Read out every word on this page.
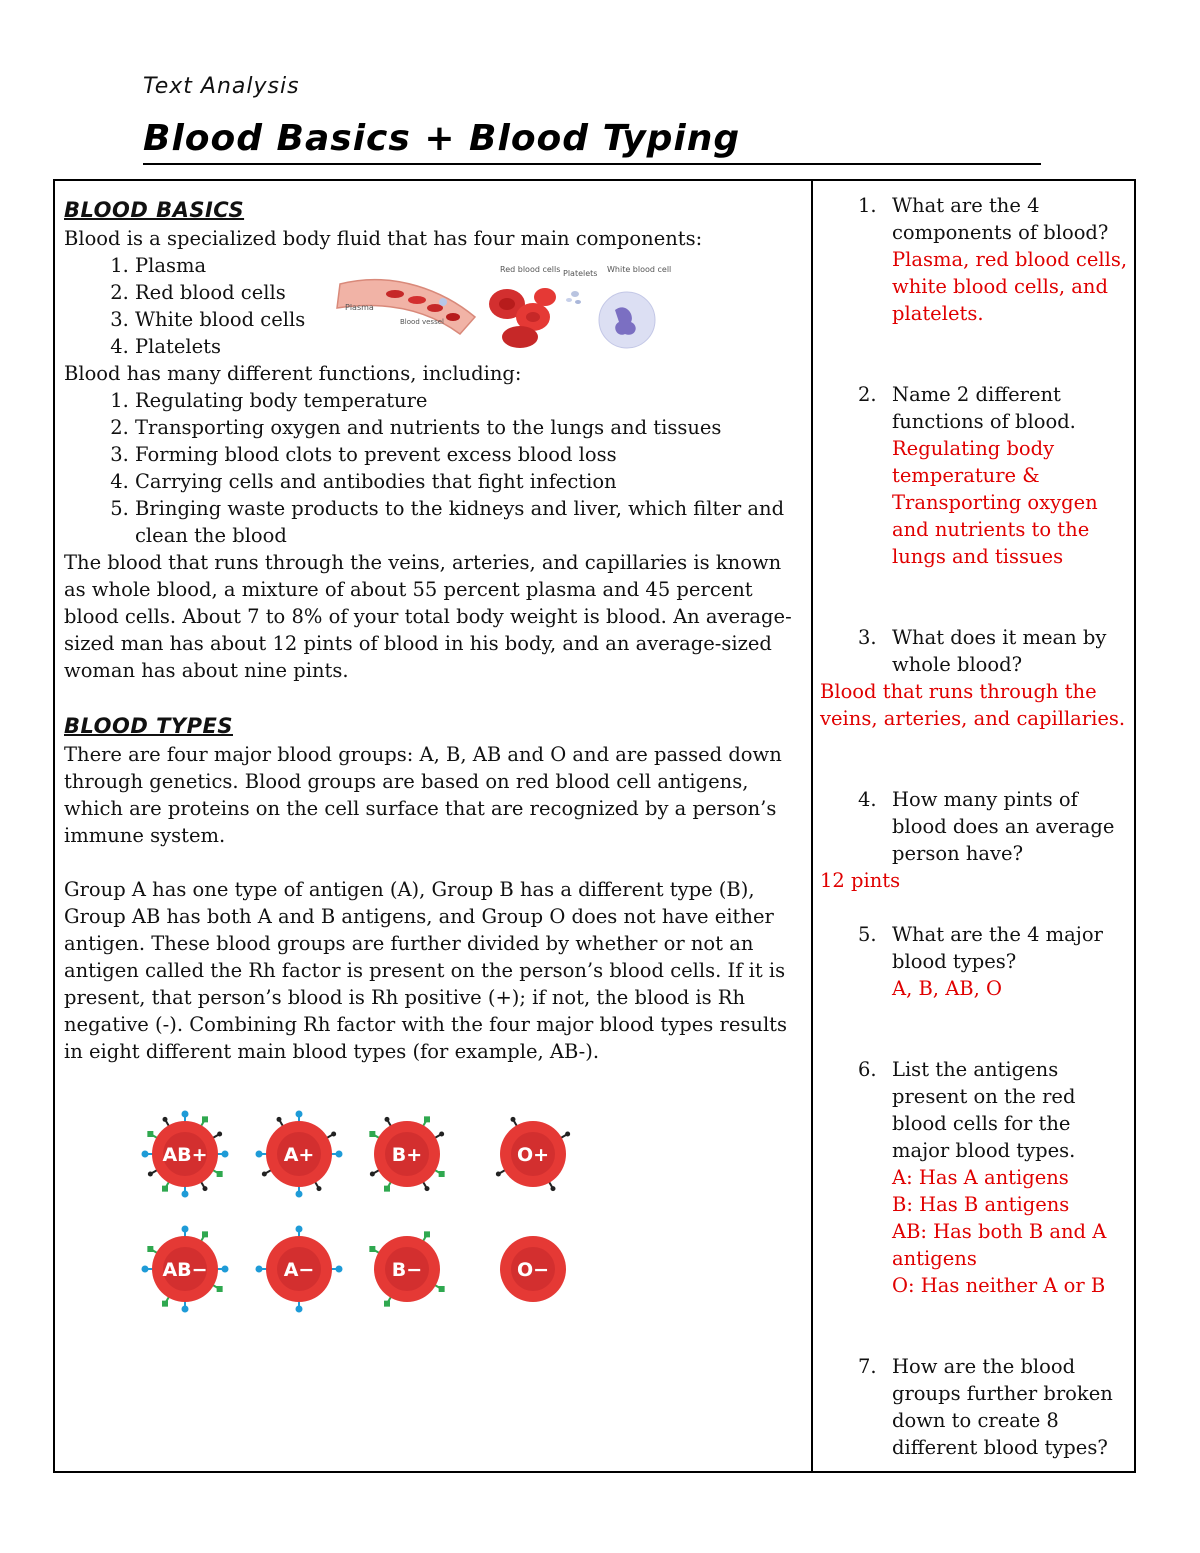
Text Analysis
Blood Basics + Blood Typing
BLOOD BASICS

Blood is a specialized body fluid that has four main components:

1. Plasma
2. Red blood cells
3. White blood cells
4. Platelets

Blood has many different functions, including:

1. Regulating body temperature
2. Transporting oxygen and nutrients to the lungs and tissues
3. Forming blood clots to prevent excess blood loss
4. Carrying cells and antibodies that fight infection
5. Bringing waste products to the kidneys and liver, which filter and clean the blood

The blood that runs through the veins, arteries, and capillaries is known as whole blood, a mixture of about 55 percent plasma and 45 percent blood cells. About 7 to 8% of your total body weight is blood. An average-sized man has about 12 pints of blood in his body, and an average-sized woman has about nine pints.

BLOOD TYPES

There are four major blood groups: A, B, AB and O and are passed down through genetics. Blood groups are based on red blood cell antigens, which are proteins on the cell surface that are recognized by a person’s immune system.

Group A has one type of antigen (A), Group B has a different type (B), Group AB has both A and B antigens, and Group O does not have either antigen. These blood groups are further divided by whether or not an antigen called the Rh factor is present on the person’s blood cells. If it is present, that person’s blood is Rh positive (+); if not, the blood is Rh negative (-). Combining Rh factor with the four major blood types results in eight different main blood types (for example, AB-).

Plasma
Blood vessel
Red blood cells Platelets White blood cell
AB+	A+	B+	O+
AB−	A−	B−	O−
1. What are the 4 components of blood?
Plasma, red blood cells, white blood cells, and platelets.
2. Name 2 different functions of blood.
Regulating body temperature & Transporting oxygen and nutrients to the lungs and tissues
3. What does it mean by whole blood?
Blood that runs through the veins, arteries, and capillaries.
4. How many pints of blood does an average person have?
12 pints
5. What are the 4 major blood types?
A, B, AB, O
6. List the antigens present on the red blood cells for the major blood types.
A: Has A antigens
B: Has B antigens
AB: Has both B and A antigens
O: Has neither A or B
7. How are the blood groups further broken down to create 8 different blood types?
